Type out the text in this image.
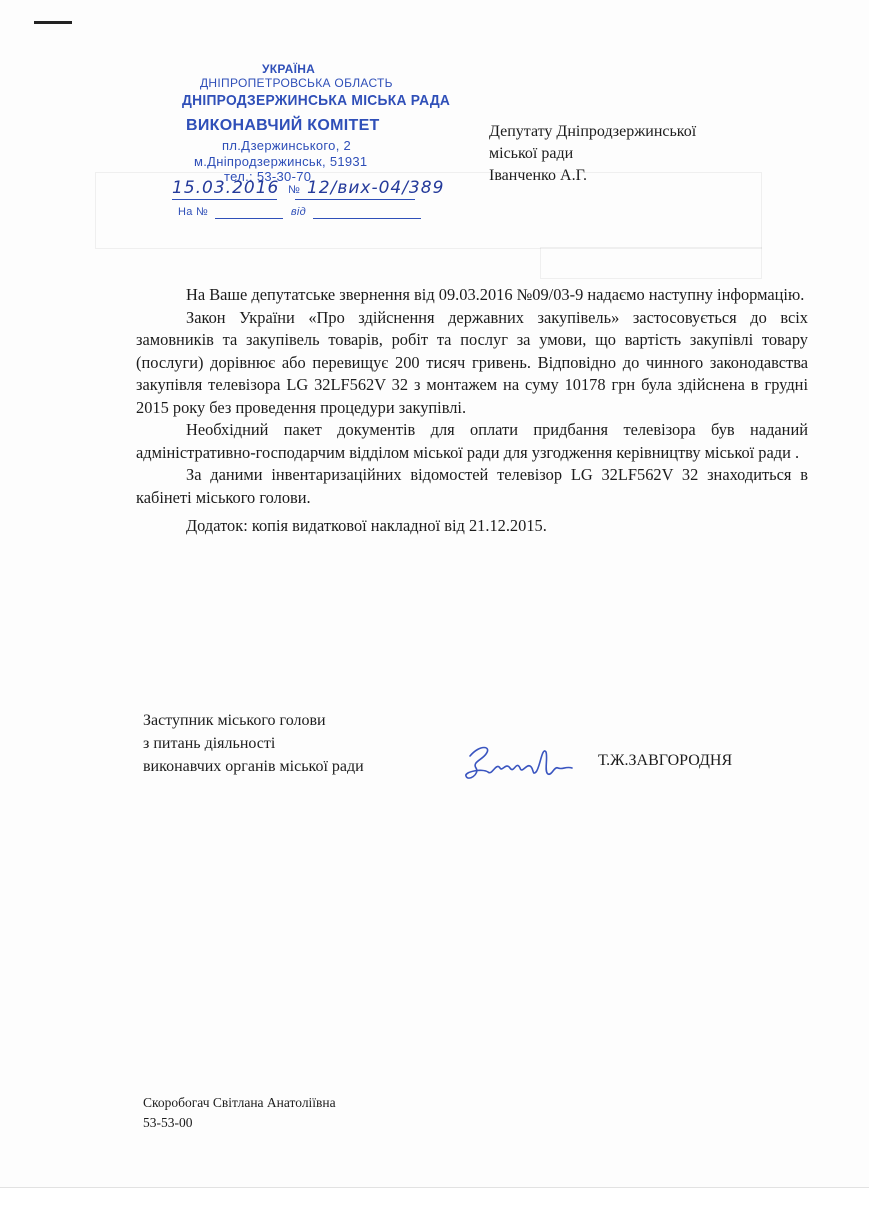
УКРАЇНА
ДНІПРОПЕТРОВСЬКА ОБЛАСТЬ
ДНІПРОДЗЕРЖИНСЬКА МІСЬКА РАДА
ВИКОНАВЧИЙ КОМІТЕТ
пл.Дзержинського, 2
м.Дніпродзержинськ, 51931
тел.: 53-30-70
15.03.2016 № 12/вих-04/389
На №	від
Депутату Дніпродзержинської
міської ради
Іванченко А.Г.

На Ваше депутатське звернення від 09.03.2016 №09/03-9 надаємо наступну інформацію.

Закон України «Про здійснення державних закупівель» застосовується до всіх замовників та закупівель товарів, робіт та послуг за умови, що вартість закупівлі товару (послуги) дорівнює або перевищує 200 тисяч гривень. Відповідно до чинного законодавства закупівля телевізора LG 32LF562V 32 з монтажем на суму 10178 грн була здійснена в грудні 2015 року без проведення процедури закупівлі.

Необхідний пакет документів для оплати придбання телевізора був наданий адміністративно-господарчим відділом міської ради для узгодження керівництву міської ради .

За даними інвентаризаційних відомостей телевізор LG 32LF562V 32 знаходиться в кабінеті міського голови.

Додаток: копія видаткової накладної від 21.12.2015.

Заступник міського голови
з питань діяльності
виконавчих органів міської ради	Т.Ж.ЗАВГОРОДНЯ
Скоробогач Світлана Анатоліївна
53-53-00
